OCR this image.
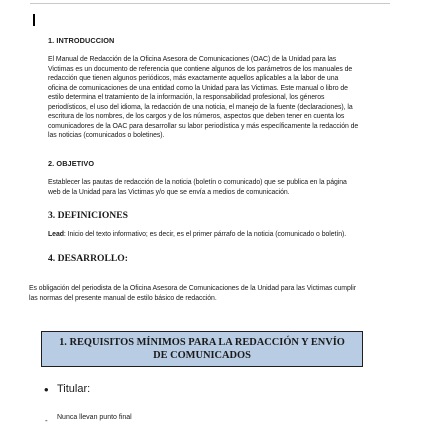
1. INTRODUCCION
El Manual de Redacción de la Oficina Asesora de Comunicaciones (OAC) de la Unidad para las
Victimas es un documento de referencia que contiene algunos de los parámetros de los manuales de
redacción que tienen algunos periódicos, más exactamente aquellos aplicables a la labor de una
oficina de comunicaciones de una entidad como la Unidad para las Victimas. Este manual o libro de
estilo determina el tratamiento de la información, la responsabilidad profesional, los géneros
periodísticos, el uso del idioma, la redacción de una noticia, el manejo de la fuente (declaraciones), la
escritura de los nombres, de los cargos y de los números, aspectos que deben tener en cuenta los
comunicadores de la OAC para desarrollar su labor periodística y más específicamente la redacción de
las noticias (comunicados o boletines).
2. OBJETIVO
Establecer las pautas de redacción de la noticia (boletín o comunicado) que se publica en la página
web de la Unidad para las Victimas y/o que se envía a medios de comunicación.
3. DEFINICIONES
Lead: Inicio del texto informativo; es decir, es el primer párrafo de la noticia (comunicado o boletín).
4. DESARROLLO:
Es obligación del periodista de la Oficina Asesora de Comunicaciones de la Unidad para las Victimas cumplir
las normas del presente manual de estilo básico de redacción.
1. REQUISITOS MÍNIMOS PARA LA REDACCIÓN Y ENVÍO DE COMUNICADOS
• Titular:
- Nunca llevan punto final
